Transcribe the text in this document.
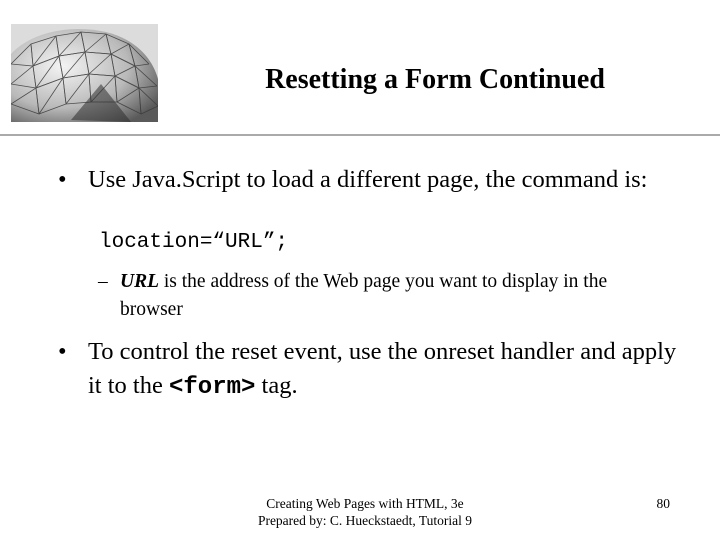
Resetting a Form Continued
• Use Java.Script to load a different page, the command is:
location=“URL”;
– URL is the address of the Web page you want to display in the browser
• To control the reset event, use the onreset handler and apply it to the <form> tag.
Creating Web Pages with HTML, 3e
Prepared by: C. Hueckstaedt, Tutorial 9
80
